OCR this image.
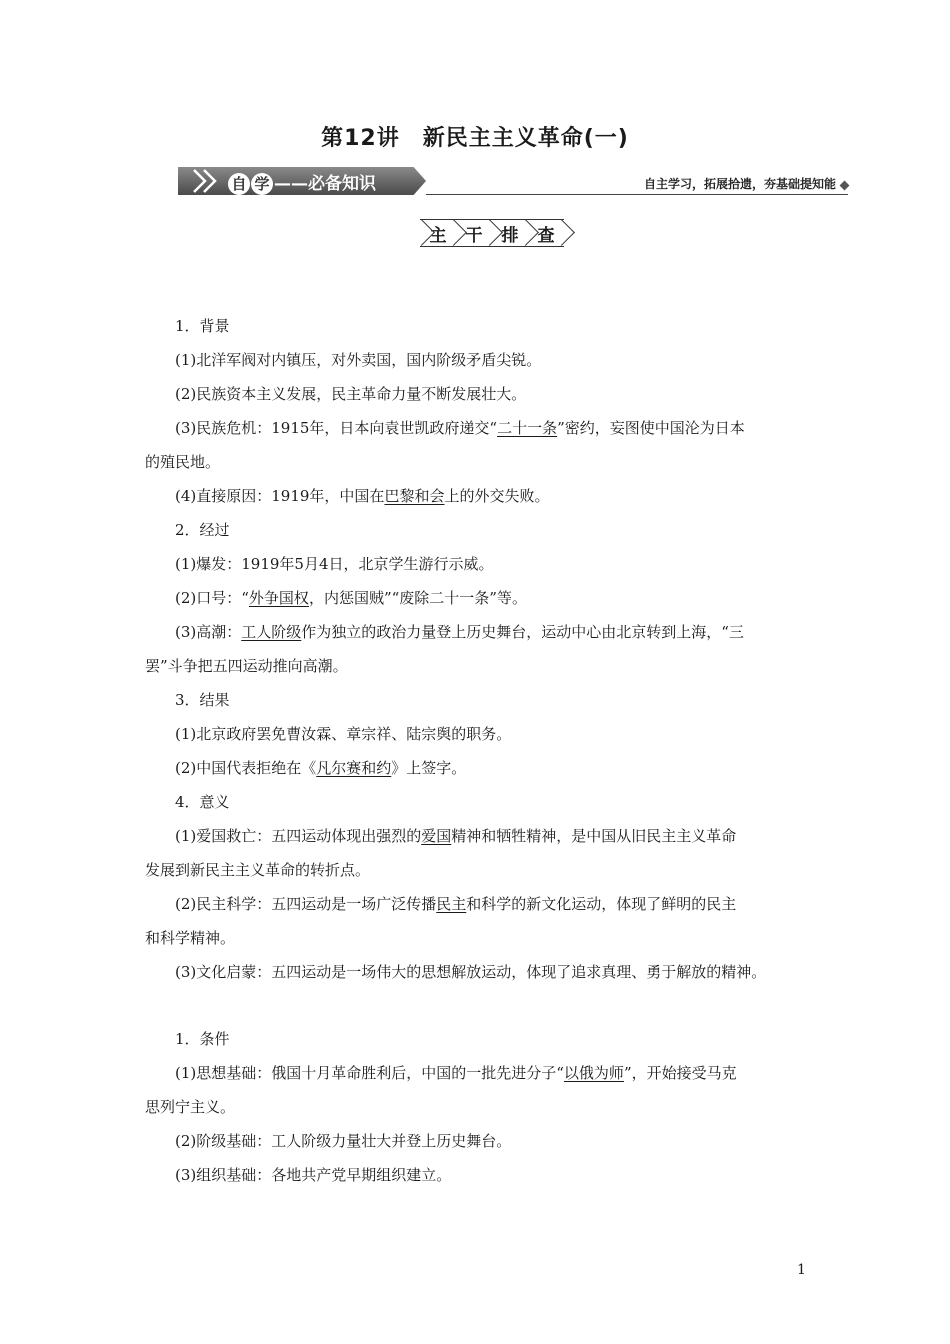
第12讲　新民主主义革命(一)
自 学 ——必备知识	自主学习，拓展拾遗，夯基础提知能
主	干	排	查

1．背景

(1)北洋军阀对内镇压，对外卖国，国内阶级矛盾尖锐。

(2)民族资本主义发展，民主革命力量不断发展壮大。

(3)民族危机：1915年，日本向袁世凯政府递交“二十一条”密约，妄图使中国沦为日本

的殖民地。

(4)直接原因：1919年，中国在巴黎和会上的外交失败。

2．经过

(1)爆发：1919年5月4日，北京学生游行示威。

(2)口号：“外争国权，内惩国贼”“废除二十一条”等。

(3)高潮：工人阶级作为独立的政治力量登上历史舞台，运动中心由北京转到上海，“三

罢”斗争把五四运动推向高潮。

3．结果

(1)北京政府罢免曹汝霖、章宗祥、陆宗舆的职务。

(2)中国代表拒绝在《凡尔赛和约》上签字。

4．意义

(1)爱国救亡：五四运动体现出强烈的爱国精神和牺牲精神，是中国从旧民主主义革命

发展到新民主主义革命的转折点。

(2)民主科学：五四运动是一场广泛传播民主和科学的新文化运动，体现了鲜明的民主

和科学精神。

(3)文化启蒙：五四运动是一场伟大的思想解放运动，体现了追求真理、勇于解放的精神。

1．条件

(1)思想基础：俄国十月革命胜利后，中国的一批先进分子“以俄为师”，开始接受马克

思列宁主义。

(2)阶级基础：工人阶级力量壮大并登上历史舞台。

(3)组织基础：各地共产党早期组织建立。

1
